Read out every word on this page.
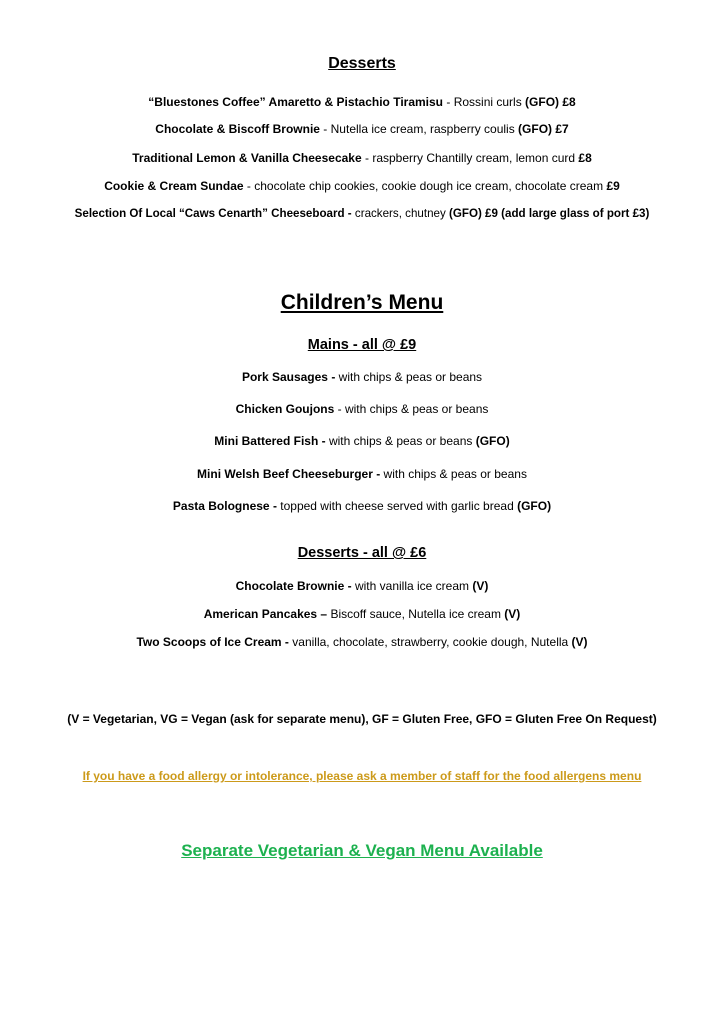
Desserts
“Bluestones Coffee” Amaretto & Pistachio Tiramisu - Rossini curls (GFO) £8
Chocolate & Biscoff Brownie - Nutella ice cream, raspberry coulis (GFO) £7
Traditional Lemon & Vanilla Cheesecake - raspberry Chantilly cream, lemon curd £8
Cookie & Cream Sundae - chocolate chip cookies, cookie dough ice cream, chocolate cream £9
Selection Of Local “Caws Cenarth” Cheeseboard - crackers, chutney (GFO) £9 (add large glass of port £3)
Children’s Menu
Mains - all @ £9
Pork Sausages - with chips & peas or beans
Chicken Goujons - with chips & peas or beans
Mini Battered Fish - with chips & peas or beans (GFO)
Mini Welsh Beef Cheeseburger - with chips & peas or beans
Pasta Bolognese - topped with cheese served with garlic bread (GFO)
Desserts - all @ £6
Chocolate Brownie - with vanilla ice cream (V)
American Pancakes – Biscoff sauce, Nutella ice cream (V)
Two Scoops of Ice Cream - vanilla, chocolate, strawberry, cookie dough, Nutella (V)
(V = Vegetarian, VG = Vegan (ask for separate menu), GF = Gluten Free, GFO = Gluten Free On Request)
If you have a food allergy or intolerance, please ask a member of staff for the food allergens menu
Separate Vegetarian & Vegan Menu Available
